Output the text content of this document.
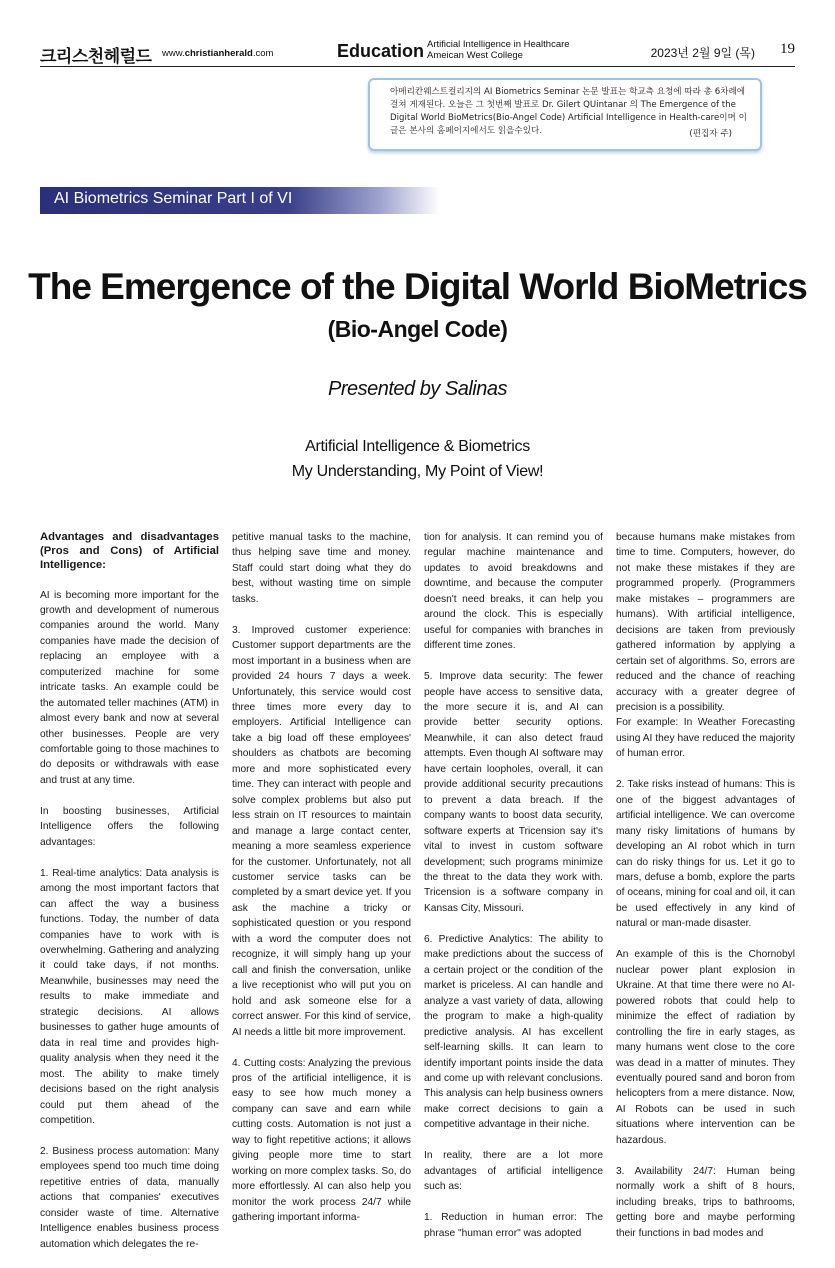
크리스천헤럴드 www.christianherald.com	Education Artificial Intelligence in Healthcare
Ameican West College	2023년 2월 9일 (목) 19
아메리칸웨스트컬리지의 AI Biometrics Seminar 논문 발표는 학교측 요청에 따라 총 6차례에 걸쳐 게재된다. 오늘은 그 첫번째 발표로 Dr. Gilert QUintanar 의 The Emergence of the Digital World BioMetrics(Bio-Angel Code) Artificial Intelligence in Health-care이며 이 글은 본사의 홈페이지에서도 읽을수있다.	(편집자 주)
AI Biometrics Seminar Part I of VI
The Emergence of the Digital World BioMetrics
(Bio-Angel Code)
Presented by Salinas
Artificial Intelligence & Biometrics
My Understanding, My Point of View!

Advantages and disadvantages (Pros and Cons) of Artificial Intelligence:

AI is becoming more important for the growth and development of numerous companies around the world. Many companies have made the decision of replacing an employee with a computerized machine for some intricate tasks. An example could be the automated teller machines (ATM) in almost every bank and now at several other businesses. People are very comfortable going to those machines to do deposits or withdrawals with ease and trust at any time.

In boosting businesses, Artificial Intelligence offers the following advantages:

1. Real-time analytics: Data analysis is among the most important factors that can affect the way a business functions. Today, the number of data companies have to work with is overwhelming. Gathering and analyzing it could take days, if not months. Meanwhile, businesses may need the results to make immediate and strategic decisions. AI allows businesses to gather huge amounts of data in real time and provides high-quality analysis when they need it the most. The ability to make timely decisions based on the right analysis could put them ahead of the competition.

2. Business process automation: Many employees spend too much time doing repetitive entries of data, manually actions that companies' executives consider waste of time. Alternative Intelligence enables business process automation which delegates the re-

petitive manual tasks to the machine, thus helping save time and money. Staff could start doing what they do best, without wasting time on simple tasks.

3. Improved customer experience: Customer support departments are the most important in a business when are provided 24 hours 7 days a week. Unfortunately, this service would cost three times more every day to employers. Artificial Intelligence can take a big load off these employees' shoulders as chatbots are becoming more and more sophisticated every time. They can interact with people and solve complex problems but also put less strain on IT resources to maintain and manage a large contact center, meaning a more seamless experience for the customer. Unfortunately, not all customer service tasks can be completed by a smart device yet. If you ask the machine a tricky or sophisticated question or you respond with a word the computer does not recognize, it will simply hang up your call and finish the conversation, unlike a live receptionist who will put you on hold and ask someone else for a correct answer. For this kind of service, AI needs a little bit more improvement.

4. Cutting costs: Analyzing the previous pros of the artificial intelligence, it is easy to see how much money a company can save and earn while cutting costs. Automation is not just a way to fight repetitive actions; it allows giving people more time to start working on more complex tasks. So, do more effortlessly. AI can also help you monitor the work process 24/7 while gathering important informa-

tion for analysis. It can remind you of regular machine maintenance and updates to avoid breakdowns and downtime, and because the computer doesn't need breaks, it can help you around the clock. This is especially useful for companies with branches in different time zones.

5. Improve data security: The fewer people have access to sensitive data, the more secure it is, and AI can provide better security options. Meanwhile, it can also detect fraud attempts. Even though AI software may have certain loopholes, overall, it can provide additional security precautions to prevent a data breach. If the company wants to boost data security, software experts at Tricension say it's vital to invest in custom software development; such programs minimize the threat to the data they work with. Tricension is a software company in Kansas City, Missouri.

6. Predictive Analytics: The ability to make predictions about the success of a certain project or the condition of the market is priceless. AI can handle and analyze a vast variety of data, allowing the program to make a high-quality predictive analysis. AI has excellent self-learning skills. It can learn to identify important points inside the data and come up with relevant conclusions. This analysis can help business owners make correct decisions to gain a competitive advantage in their niche.

In reality, there are a lot more advantages of artificial intelligence such as:

1. Reduction in human error: The phrase "human error" was adopted

because humans make mistakes from time to time. Computers, however, do not make these mistakes if they are programmed properly. (Programmers make mistakes – programmers are humans). With artificial intelligence, decisions are taken from previously gathered information by applying a certain set of algorithms. So, errors are reduced and the chance of reaching accuracy with a greater degree of precision is a possibility.

For example: In Weather Forecasting using AI they have reduced the majority of human error.

2. Take risks instead of humans: This is one of the biggest advantages of artificial intelligence. We can overcome many risky limitations of humans by developing an AI robot which in turn can do risky things for us. Let it go to mars, defuse a bomb, explore the parts of oceans, mining for coal and oil, it can be used effectively in any kind of natural or man-made disaster.

An example of this is the Chornobyl nuclear power plant explosion in Ukraine. At that time there were no AI-powered robots that could help to minimize the effect of radiation by controlling the fire in early stages, as many humans went close to the core was dead in a matter of minutes. They eventually poured sand and boron from helicopters from a mere distance. Now, AI Robots can be used in such situations where intervention can be hazardous.

3. Availability 24/7: Human being normally work a shift of 8 hours, including breaks, trips to bathrooms, getting bore and maybe performing their functions in bad modes and
